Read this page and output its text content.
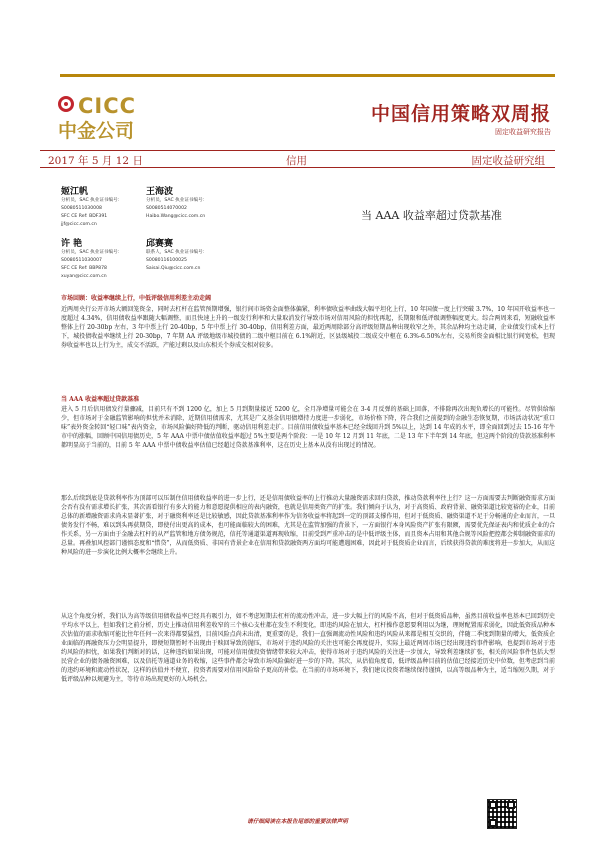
CICC
中金公司
中国信用策略双周报
固定收益研究报告
2017 年 5 月 12 日	信用	固定收益研究组
姬江帆
分析员，SAC 执业证书编号：
S0080511030008
SFC CE Ref: BDF391
jjf@cicc.com.cn
王海波
分析员，SAC 执业证书编号：
S0080514070002
Haibo.Wang@cicc.com.cn
许 艳
分析员，SAC 执业证书编号：
S0080511030007
SFC CE Ref: BBP878
xuyan@cicc.com.cn
邱赛赛
联系人，SAC 执业证书编号：
S0080116100025
Saisai.Qiu@cicc.com.cn
当 AAA 收益率超过贷款基准
市场回顾：收益率继续上行，中低评级信用利差主动走阔
近两周央行公开市场大额回笼资金，同时去杠杆在监管预期增强，银行间市场资金面整体偏紧，利率债收益率曲线大幅平坦化上行，10 年国债一度上行突破 3.7%，10 年国开收益率也一度超过 4.34%，信用债收益率跟随大幅调整，而且快速上升的一级发行利率和大量取消发行导致市场对信用风险的担忧再起，长期限和低评级调整幅度更大。综合两周来看，短融收益率整体上行 20-30bp 左右，3 年中票上行 20-40bp，5 年中票上行 30-40bp，信用利差方面，最近两周除部分高评级短期品种出现收窄之外，其余品种均主动走阔，企业债发行成本上行下，城投债收益率继续上行 20-30bp，7 年期 AA 评级地级市城投债的二级中枢目前在 6.1%附近，区县级城投二级成交中枢在 6.3%-6.50%左右，交易所资金面相比银行间宽松，但现券收益率也以上行为主，成交不活跃，产能过剩以及山东相关个券成交相对较多。
当 AAA 收益率超过贷款基准
进入 5 月后信用债发行量骤减，目前只有不到 1200 亿，加上 5 月到期量接近 5200 亿，全月净增量可能会在 3-4 月反弹的基础上回落，不排除再次出现负增长的可能性。尽管供给缩少，但市场对于金融监管影响的担忧并未消除，近期信用债需求，尤其是广义基金信用债增持力度进一步弱化，市场价格下降，符合我们之前提到的金融生态恢复期，市场活动状况“重口味”表外资金转回“轻口味”表内资金，市场风险偏好降低的判断，驱动信用利差走扩。目前信用债收益率基本已经全线回升到 5%以上，达到 14 年成的水平，即全面回到过去 15-16 年牛市中的涨幅，回顾中国信用债历史，5 年 AAA 中票中债估值收益率超过 5%主要是两个阶段：一是 10 年 12 月到 11 年底，二是 13 年下半年到 14 年底，但这两个阶段的贷款基准利率都明显高于当前的，目前 5 年 AAA 中票中债收益率估值已经超过贷款基准利率，这在历史上基本从没有出现过的情况。
那么后续到底是贷款利率作为顶部可以压制住信用债收益率的进一步上行，还是信用债收益率的上行推动大量融资需求回归贷款，推动贷款利率往上行？这一方面需要去判断融资需求方面会否有没有需求增长扩张，其次需看银行有多大的能力和意愿提供相应的表内融资，也就是信用类资产的扩张。我们倾向于认为，对于高资质、政府背景、融资渠道比较宽裕的企业，目前总体的新增融资需求尚未显著扩张，对于融资利率还是比较敏感，因此贷款基准利率作为信务收益率将起到一定的顶部支撑作用，但对于低资质、融资渠道不足于分畅通的企业而言，一旦债务发行不畅，难以到头再获期贷，即使付出更高的成本，也可能面临较大的困难，尤其是在监管加强的背景下，一方面银行本身风险资产扩张有限额，需要优先保证表内和优质企业的合作关系，另一方面由于金融去杠杆的从严监管和地方债务规范，信托等通道渠道再现收缩，目前受到严重冲击的是中低评级主体，而且资本占用和其他合规等风险把控都会抑制融资需求的总量。再叠加风控部门谨慎态度和“惜贷”，从而低资质、非国有背景企业在信用和贷款融资两方面均可能遭遇困难，因此对于低资质企业而言，后续获得贷款的难度将进一步加大，从而这种风险的进一步演化比例大概率会继续上升。
从这个角度分析，我们认为高等级信用债收益率已经具有吸引力，如不考虑短期去杠杆的流动性冲击，进一步大幅上行的风险不高，但对于低资质品种，虽然目前收益率也基本已回到历史平均水平以上，但如我们之前分析，历史上推动信用利差收窄的三个核心支柱都在发生不利变化，即违约风险在加大，杠杆操作意愿要利用以为继，理财配置需求弱化，因此低资质品种本次估值的需求收缩可能比往年任何一次来得都要猛烈，目前风险点尚未出清，更重要的是，我们一直强调流动性风险和违约风险从来都是相互交织的，伴随二季度到期量的增大，低资质企业面临的再融资压力会明显提升，即便短期暂时不出现由于赎回导致的抛压，市场对于违约风险的关注也可能会再度提升，实际上最近两周市场已经出现违约事件影响，也提到市场对于违约风险的担忧，如果我们判断对的话，这种违约如果出现，可能对信用债投资情绪带来较大冲击，使得市场对于违约风险的关注进一步加大，导致利差继续扩张，相关的风险事件包括大型民营企业的债务融资困难，以及信托等通道业务的收缩，这些事件都会导致市场风险偏好进一步的下降。其次，从估值角度看，低评级品种目前的估值已经接近历史中位数，但考虑到当前的违约环境和流动性状况，这样的估值并不便宜，投资者需要对信用风险给予更高的补偿。在当前的市场环境下，我们建议投资者继续保持谨慎，以高等级品种为主，适当缩短久期，对于低评级品种以规避为主，等待市场出现更好的入场机会。
请仔细阅读在本报告尾部的重要法律声明
